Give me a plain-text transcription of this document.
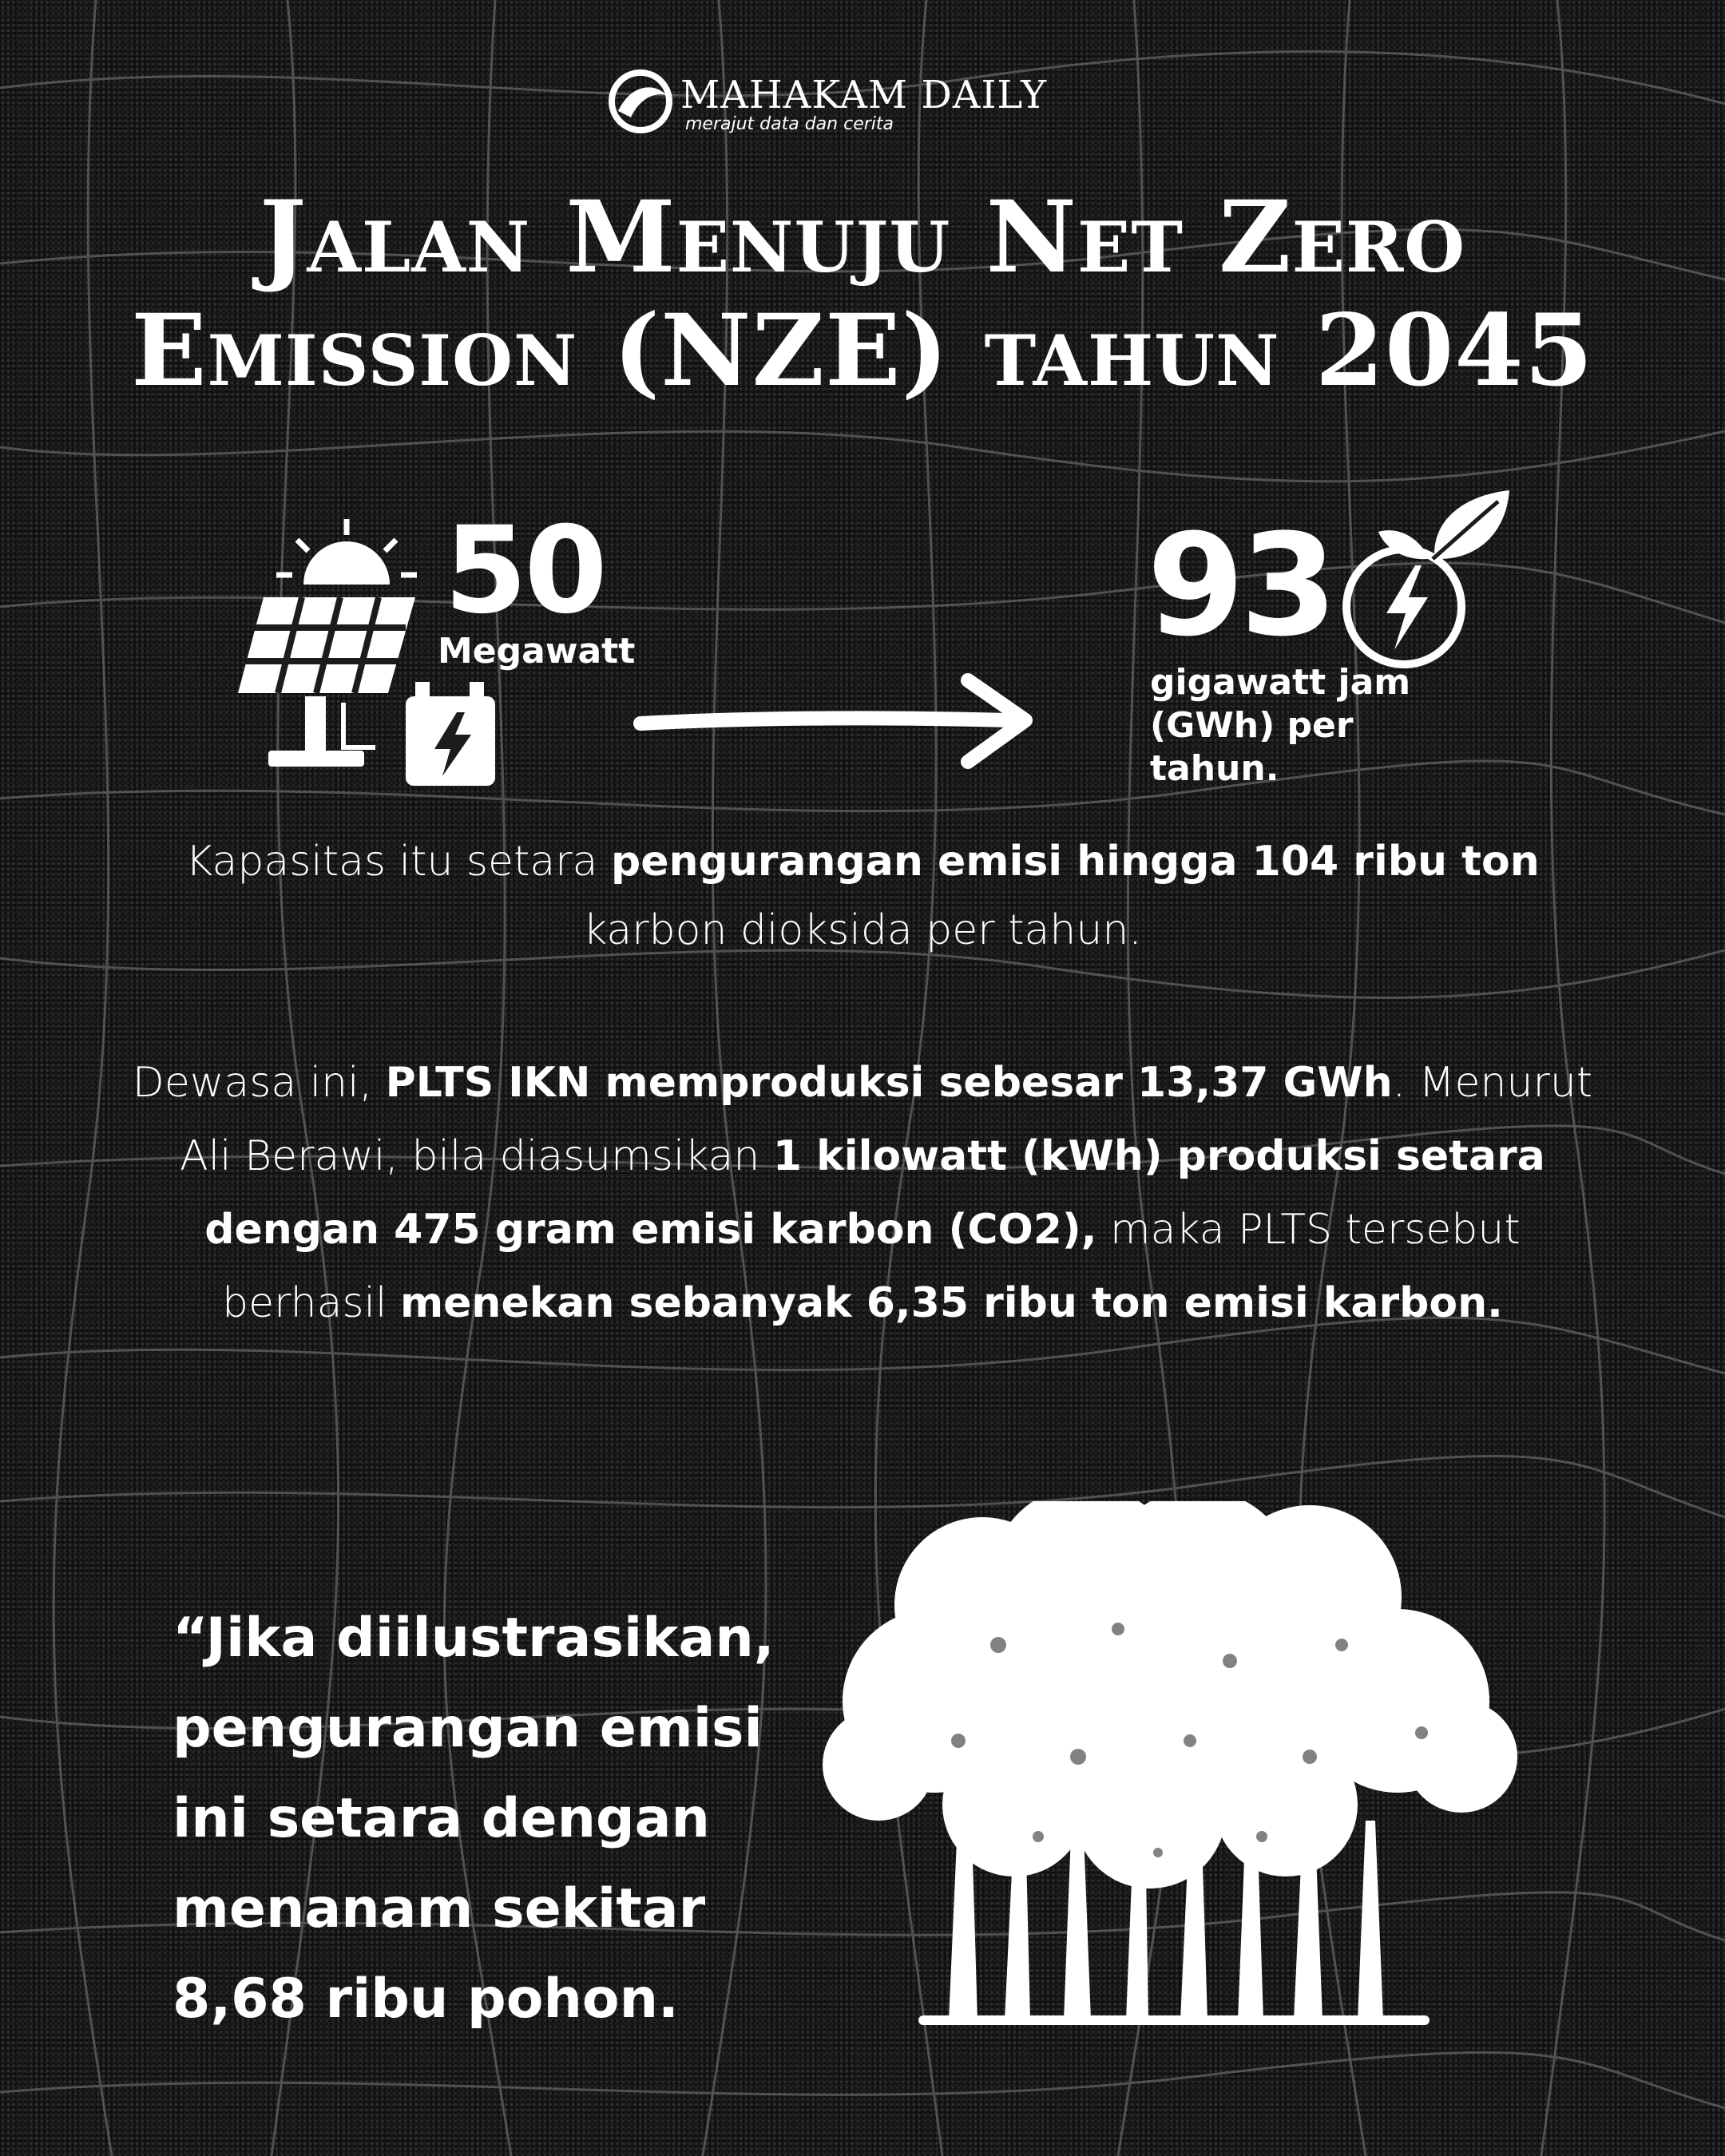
MAHAKAM DAILY
merajut data dan cerita
Jalan Menuju Net Zero
Emission (NZE) tahun 2045
50
Megawatt	93
gigawatt jam (GWh) per tahun.
Kapasitas itu setara pengurangan emisi hingga 104 ribu ton karbon dioksida per tahun.
Dewasa ini, PLTS IKN memproduksi sebesar 13,37 GWh. Menurut Ali Berawi, bila diasumsikan 1 kilowatt (kWh) produksi setara dengan 475 gram emisi karbon (CO2), maka PLTS tersebut berhasil menekan sebanyak 6,35 ribu ton emisi karbon.
“Jika diilustrasikan, pengurangan emisi ini setara dengan menanam sekitar 8,68 ribu pohon.
